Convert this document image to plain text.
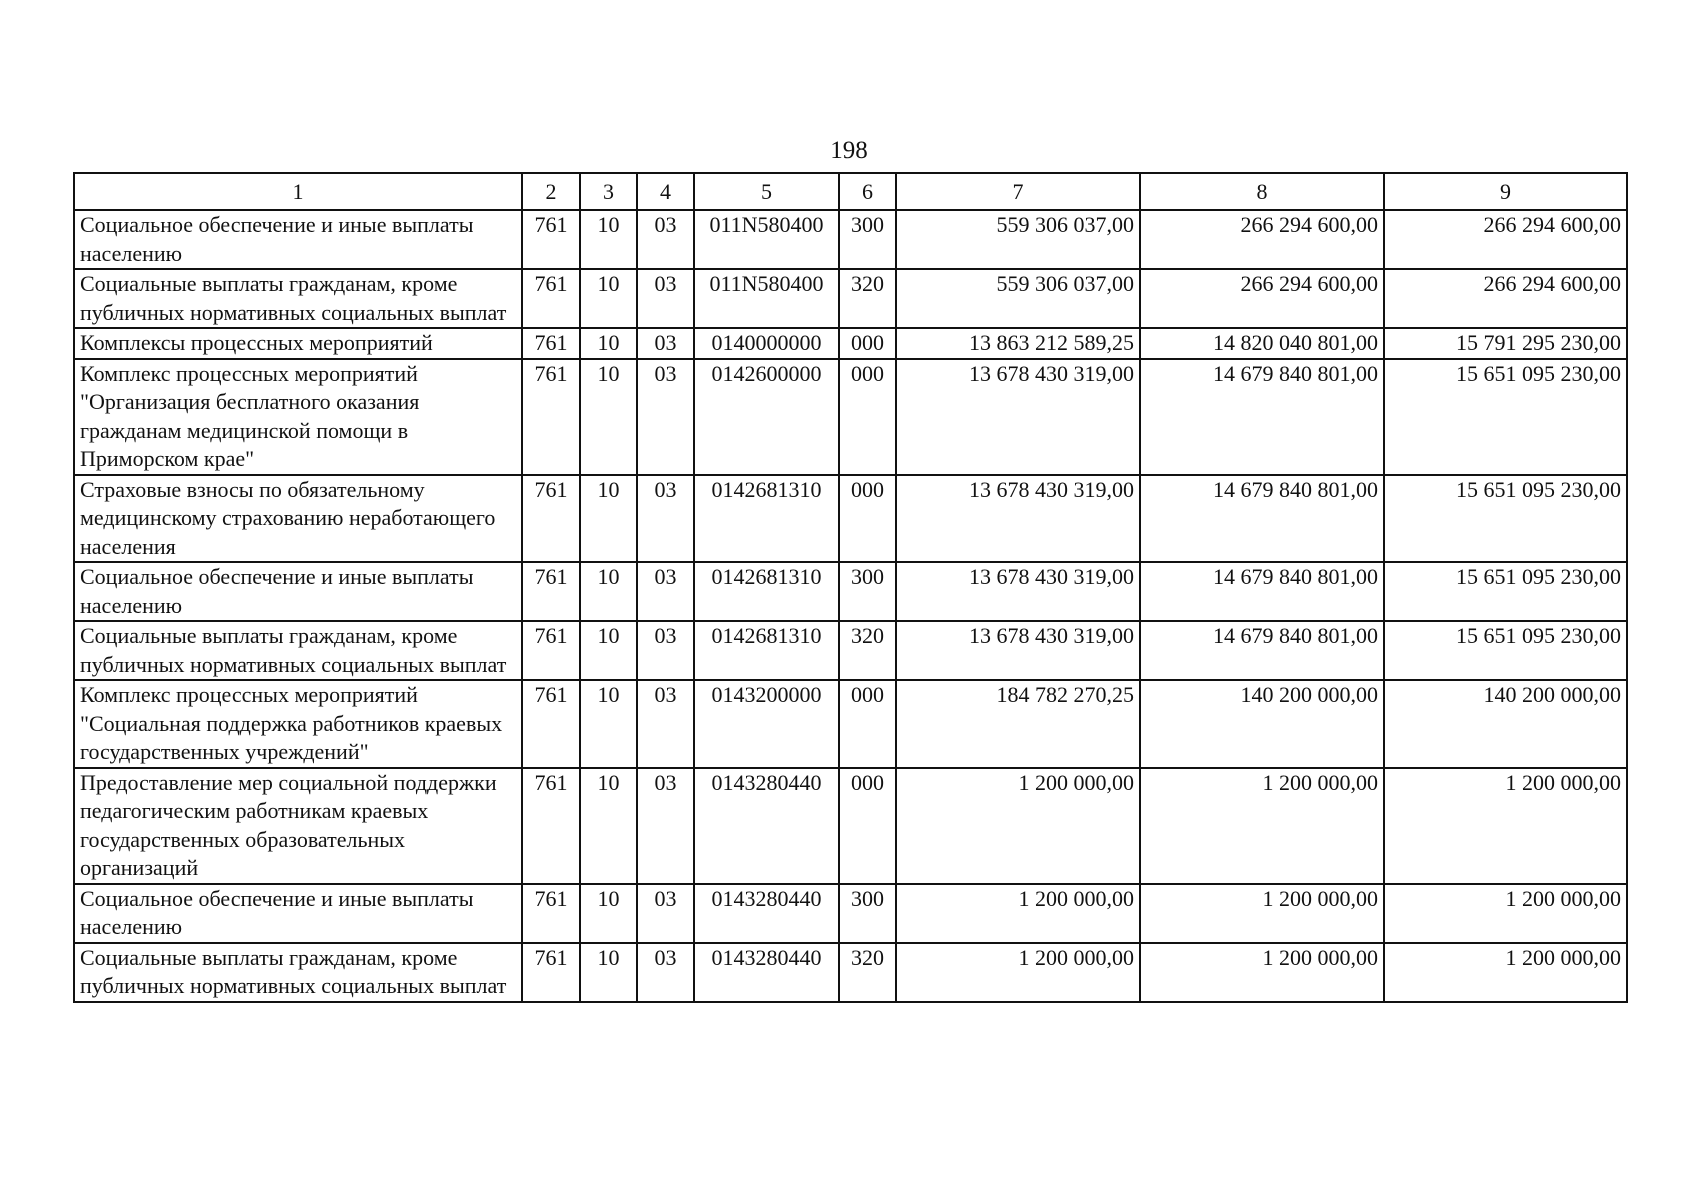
198
1	2	3	4	5	6	7	8	9
Социальное обеспечение и иные выплаты населению	761	10	03	011N580400	300	559 306 037,00	266 294 600,00	266 294 600,00
Социальные выплаты гражданам, кроме публичных нормативных социальных выплат	761	10	03	011N580400	320	559 306 037,00	266 294 600,00	266 294 600,00
Комплексы процессных мероприятий	761	10	03	0140000000	000	13 863 212 589,25	14 820 040 801,00	15 791 295 230,00
Комплекс процессных мероприятий "Организация бесплатного оказания гражданам медицинской помощи в Приморском крае"	761	10	03	0142600000	000	13 678 430 319,00	14 679 840 801,00	15 651 095 230,00
Страховые взносы по обязательному медицинскому страхованию неработающего населения	761	10	03	0142681310	000	13 678 430 319,00	14 679 840 801,00	15 651 095 230,00
Социальное обеспечение и иные выплаты населению	761	10	03	0142681310	300	13 678 430 319,00	14 679 840 801,00	15 651 095 230,00
Социальные выплаты гражданам, кроме публичных нормативных социальных выплат	761	10	03	0142681310	320	13 678 430 319,00	14 679 840 801,00	15 651 095 230,00
Комплекс процессных мероприятий "Социальная поддержка работников краевых государственных учреждений"	761	10	03	0143200000	000	184 782 270,25	140 200 000,00	140 200 000,00
Предоставление мер социальной поддержки педагогическим работникам краевых государственных образовательных организаций	761	10	03	0143280440	000	1 200 000,00	1 200 000,00	1 200 000,00
Социальное обеспечение и иные выплаты населению	761	10	03	0143280440	300	1 200 000,00	1 200 000,00	1 200 000,00
Социальные выплаты гражданам, кроме публичных нормативных социальных выплат	761	10	03	0143280440	320	1 200 000,00	1 200 000,00	1 200 000,00
